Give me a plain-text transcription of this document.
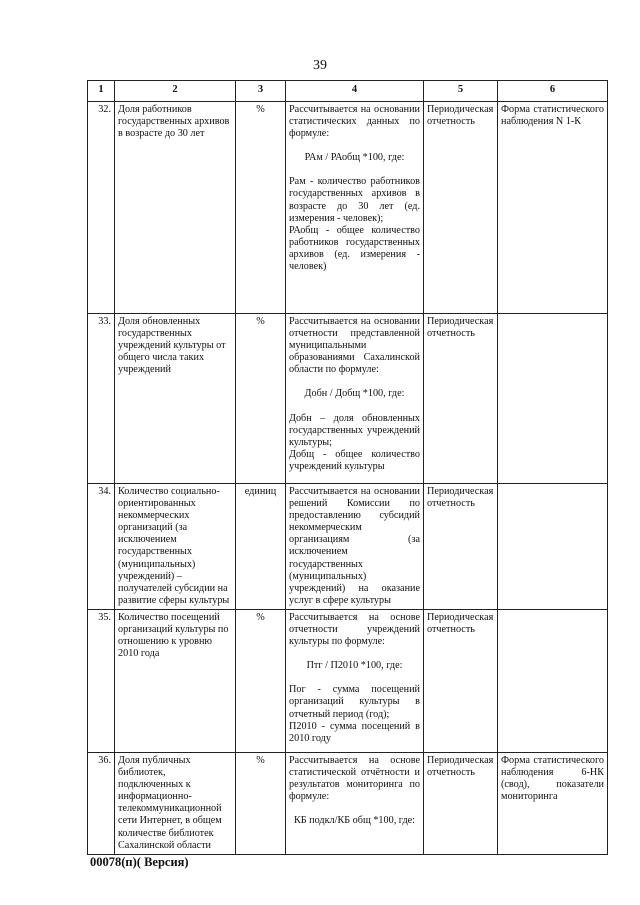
39
1	2	3	4	5	6
32.	Доля работников государственных архивов в возрасте до 30 лет	%	Рассчитывается на основании статистических данных по формуле:

РАм / РАобщ *100, где:

Рам - количество работников государственных архивов в возрасте до 30 лет (ед. измерения - человек);

РАобщ - общее количество работников государственных архивов (ед. измерения - человек)	Периодическая отчетность	Форма статистического наблюдения N 1-К
33.	Доля обновленных государственных учреждений культуры от общего числа таких учреждений	%	Рассчитывается на основании отчетности представленной муниципальными образованиями Сахалинской области по формуле:

Добн / Добщ *100, где:

Добн – доля обновленных государственных учреждений культуры;

Добщ - общее количество учреждений культуры	Периодическая отчетность	
34.	Количество социально-ориентированных некоммерческих организаций (за исключением государственных (муниципальных) учреждений) – получателей субсидии на развитие сферы культуры	единиц	Рассчитывается на основании решений Комиссии по предоставлению субсидий некоммерческим организациям (за исключением государственных (муниципальных) учреждений) на оказание услуг в сфере культуры	Периодическая отчетность	
35.	Количество посещений организаций культуры по отношению к уровню 2010 года	%	Рассчитывается на основе отчетности учреждений культуры по формуле:

Птг / П2010 *100, где:

Пог - сумма посещений организаций культуры в отчетный период (год);

П2010 - сумма посещений в 2010 году	Периодическая отчетность	
36.	Доля публичных библиотек, подключенных к информационно-телекоммуникационной сети Интернет, в общем количестве библиотек Сахалинской области	%	Рассчитывается на основе статистической отчётности и результатов мониторинга по формуле:

КБ подкл/КБ общ *100, где:	Периодическая отчетность	Форма статистического наблюдения 6-НК (свод), показатели мониторинга
00078(п)( Версия)
